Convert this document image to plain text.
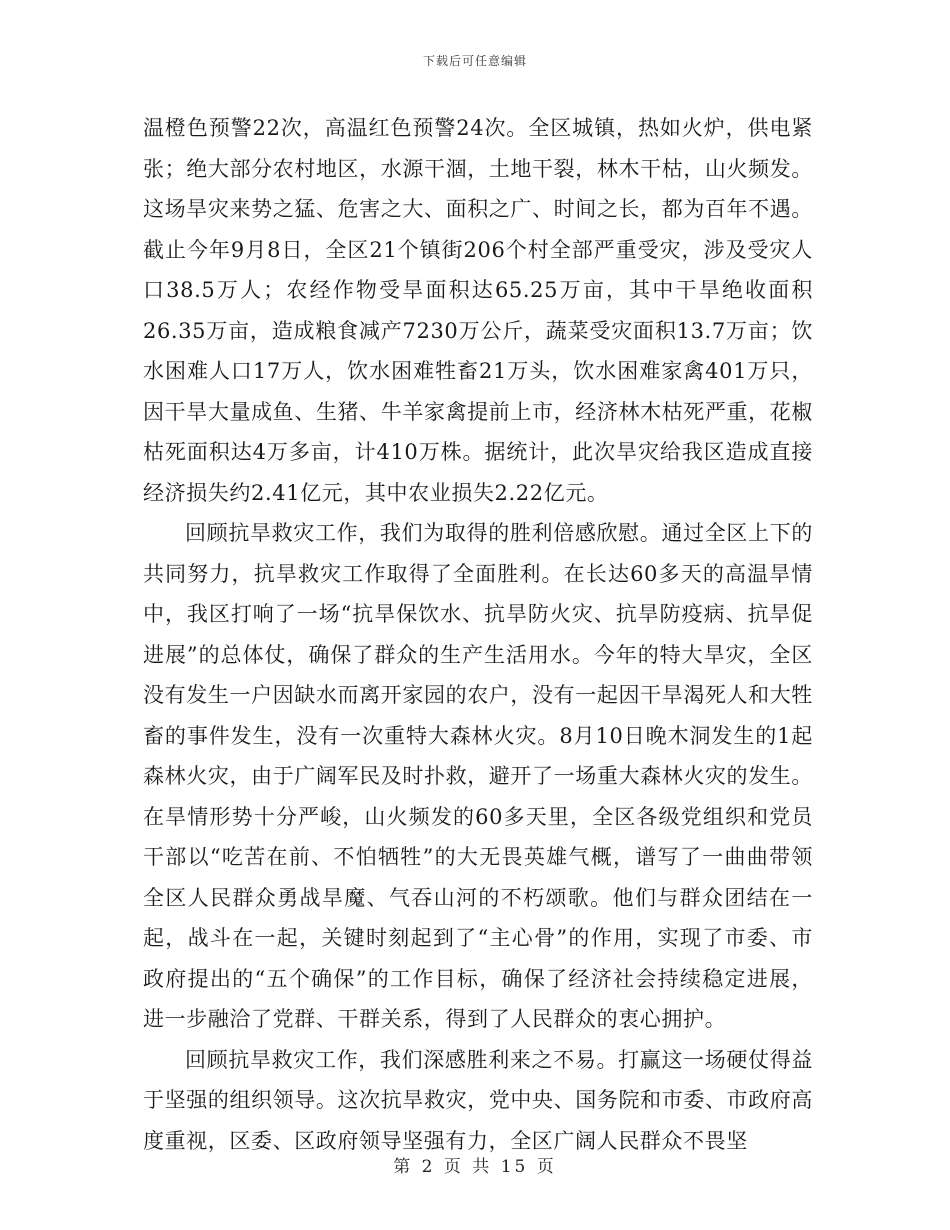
下载后可任意编辑

温橙色预警22次，高温红色预警24次。全区城镇，热如火炉，供电紧张；绝大部分农村地区，水源干涸，土地干裂，林木干枯，山火频发。这场旱灾来势之猛、危害之大、面积之广、时间之长，都为百年不遇。截止今年9月8日，全区21个镇街206个村全部严重受灾，涉及受灾人口38.5万人；农经作物受旱面积达65.25万亩，其中干旱绝收面积26.35万亩，造成粮食减产7230万公斤，蔬菜受灾面积13.7万亩；饮水困难人口17万人，饮水困难牲畜21万头，饮水困难家禽401万只，因干旱大量成鱼、生猪、牛羊家禽提前上市，经济林木枯死严重，花椒枯死面积达4万多亩，计410万株。据统计，此次旱灾给我区造成直接经济损失约2.41亿元，其中农业损失2.22亿元。

回顾抗旱救灾工作，我们为取得的胜利倍感欣慰。通过全区上下的共同努力，抗旱救灾工作取得了全面胜利。在长达60多天的高温旱情中，我区打响了一场“抗旱保饮水、抗旱防火灾、抗旱防疫病、抗旱促进展”的总体仗，确保了群众的生产生活用水。今年的特大旱灾，全区没有发生一户因缺水而离开家园的农户，没有一起因干旱渴死人和大牲畜的事件发生，没有一次重特大森林火灾。8月10日晚木洞发生的1起森林火灾，由于广阔军民及时扑救，避开了一场重大森林火灾的发生。在旱情形势十分严峻，山火频发的60多天里，全区各级党组织和党员干部以“吃苦在前、不怕牺牲”的大无畏英雄气概，谱写了一曲曲带领全区人民群众勇战旱魔、气吞山河的不朽颂歌。他们与群众团结在一起，战斗在一起，关键时刻起到了“主心骨”的作用，实现了市委、市政府提出的“五个确保”的工作目标，确保了经济社会持续稳定进展，进一步融洽了党群、干群关系，得到了人民群众的衷心拥护。

回顾抗旱救灾工作，我们深感胜利来之不易。打赢这一场硬仗得益于坚强的组织领导。这次抗旱救灾，党中央、国务院和市委、市政府高度重视，区委、区政府领导坚强有力，全区广阔人民群众不畏坚

第 2 页 共 15 页
